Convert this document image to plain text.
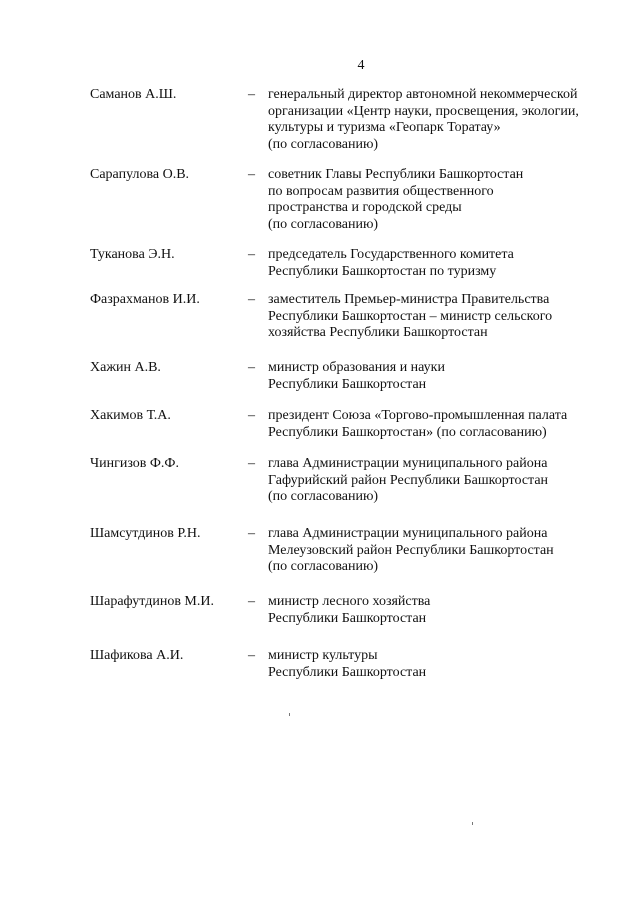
4
Саманов А.Ш.	– генеральный директор автономной некоммерческой
организации «Центр науки, просвещения, экологии,
культуры и туризма «Геопарк Торатау»
(по согласованию)
Сарапулова О.В.	– советник Главы Республики Башкортостан
по вопросам развития общественного
пространства и городской среды
(по согласованию)
Туканова Э.Н.	– председатель Государственного комитета
Республики Башкортостан по туризму
Фазрахманов И.И.	– заместитель Премьер-министра Правительства
Республики Башкортостан – министр сельского
хозяйства Республики Башкортостан
Хажин А.В.	– министр образования и науки
Республики Башкортостан
Хакимов Т.А.	– президент Союза «Торгово-промышленная палата
Республики Башкортостан» (по согласованию)
Чингизов Ф.Ф.	– глава Администрации муниципального района
Гафурийский район Республики Башкортостан
(по согласованию)
Шамсутдинов Р.Н.	– глава Администрации муниципального района
Мелеузовский район Республики Башкортостан
(по согласованию)
Шарафутдинов М.И. – министр лесного хозяйства
Республики Башкортостан
Шафикова А.И.	– министр культуры
Республики Башкортостан
